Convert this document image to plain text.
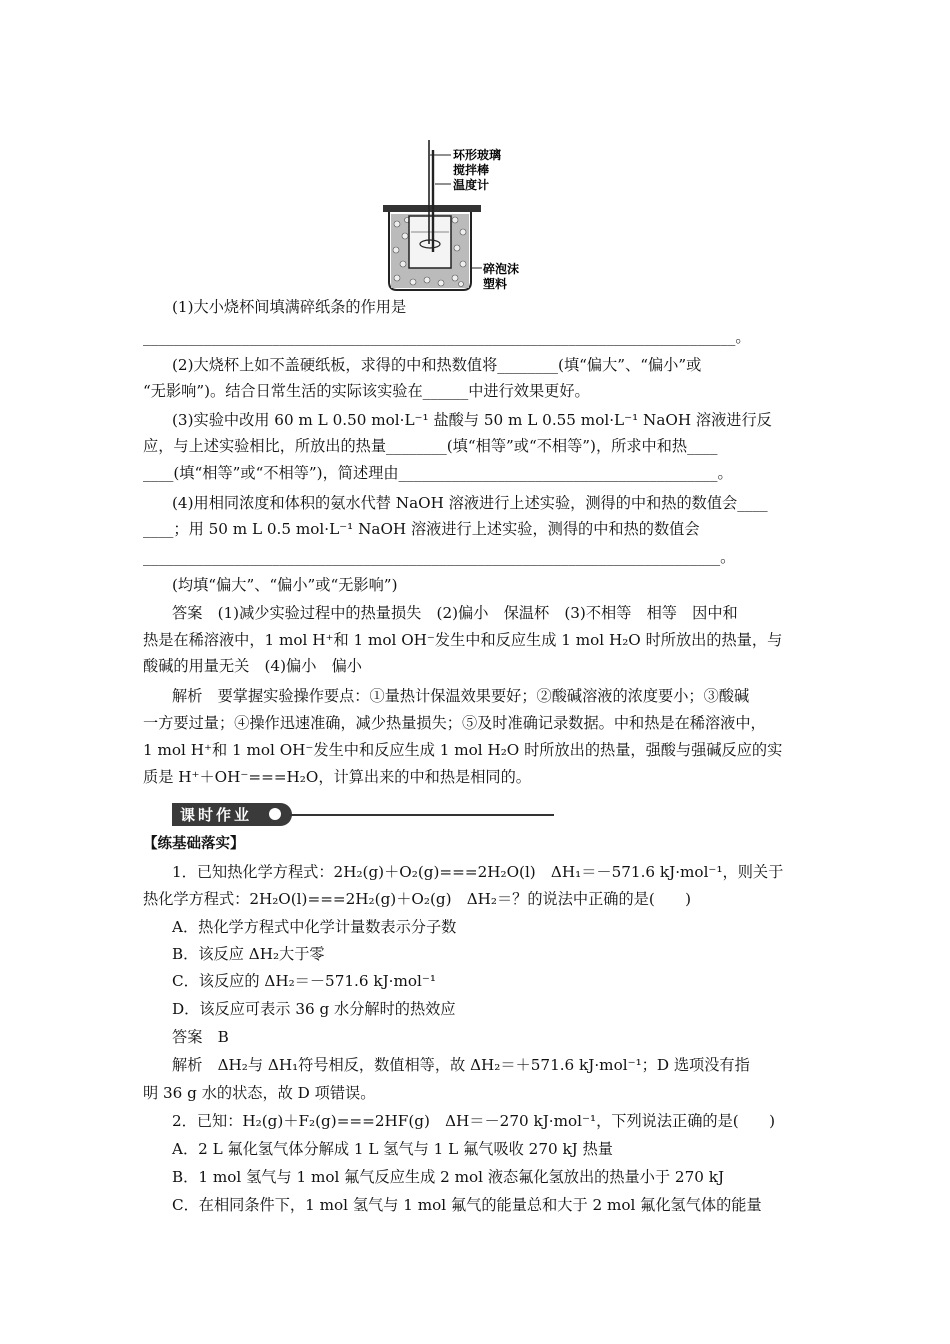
环形玻璃
搅拌棒
温度计
碎泡沫
塑料

(1)大小烧杯间填满碎纸条的作用是

______________________________________________________________________________。

(2)大烧杯上如不盖硬纸板，求得的中和热数值将________(填“偏大”、“偏小”或

“无影响”)。结合日常生活的实际该实验在______中进行效果更好。

(3)实验中改用 60 m L 0.50 mol·L⁻¹ 盐酸与 50 m L 0.55 mol·L⁻¹ NaOH 溶液进行反

应，与上述实验相比，所放出的热量________(填“相等”或“不相等”)，所求中和热____

____(填“相等”或“不相等”)，简述理由__________________________________________。

(4)用相同浓度和体积的氨水代替 NaOH 溶液进行上述实验，测得的中和热的数值会____

____；用 50 m L 0.5 mol·L⁻¹ NaOH 溶液进行上述实验，测得的中和热的数值会

____________________________________________________________________________。

(均填“偏大”、“偏小”或“无影响”)

答案　(1)减少实验过程中的热量损失　(2)偏小　保温杯　(3)不相等　相等　因中和

热是在稀溶液中，1 mol H⁺和 1 mol OH⁻发生中和反应生成 1 mol H₂O 时所放出的热量，与

酸碱的用量无关　(4)偏小　偏小

解析　要掌握实验操作要点：①量热计保温效果要好；②酸碱溶液的浓度要小；③酸碱

一方要过量；④操作迅速准确，减少热量损失；⑤及时准确记录数据。中和热是在稀溶液中，

1 mol H⁺和 1 mol OH⁻发生中和反应生成 1 mol H₂O 时所放出的热量，强酸与强碱反应的实

质是 H⁺＋OH⁻===H₂O，计算出来的中和热是相同的。

课时作业

【练基础落实】

1．已知热化学方程式：2H₂(g)＋O₂(g)===2H₂O(l)　ΔH₁＝－571.6 kJ·mol⁻¹，则关于

热化学方程式：2H₂O(l)===2H₂(g)＋O₂(g)　ΔH₂＝？的说法中正确的是(　　)

A．热化学方程式中化学计量数表示分子数

B．该反应 ΔH₂大于零

C．该反应的 ΔH₂＝－571.6 kJ·mol⁻¹

D．该反应可表示 36 g 水分解时的热效应

答案　B

解析　ΔH₂与 ΔH₁符号相反，数值相等，故 ΔH₂＝＋571.6 kJ·mol⁻¹；D 选项没有指

明 36 g 水的状态，故 D 项错误。

2．已知：H₂(g)＋F₂(g)===2HF(g)　ΔH＝－270 kJ·mol⁻¹，下列说法正确的是(　　)

A．2 L 氟化氢气体分解成 1 L 氢气与 1 L 氟气吸收 270 kJ 热量

B．1 mol 氢气与 1 mol 氟气反应生成 2 mol 液态氟化氢放出的热量小于 270 kJ

C．在相同条件下，1 mol 氢气与 1 mol 氟气的能量总和大于 2 mol 氟化氢气体的能量
